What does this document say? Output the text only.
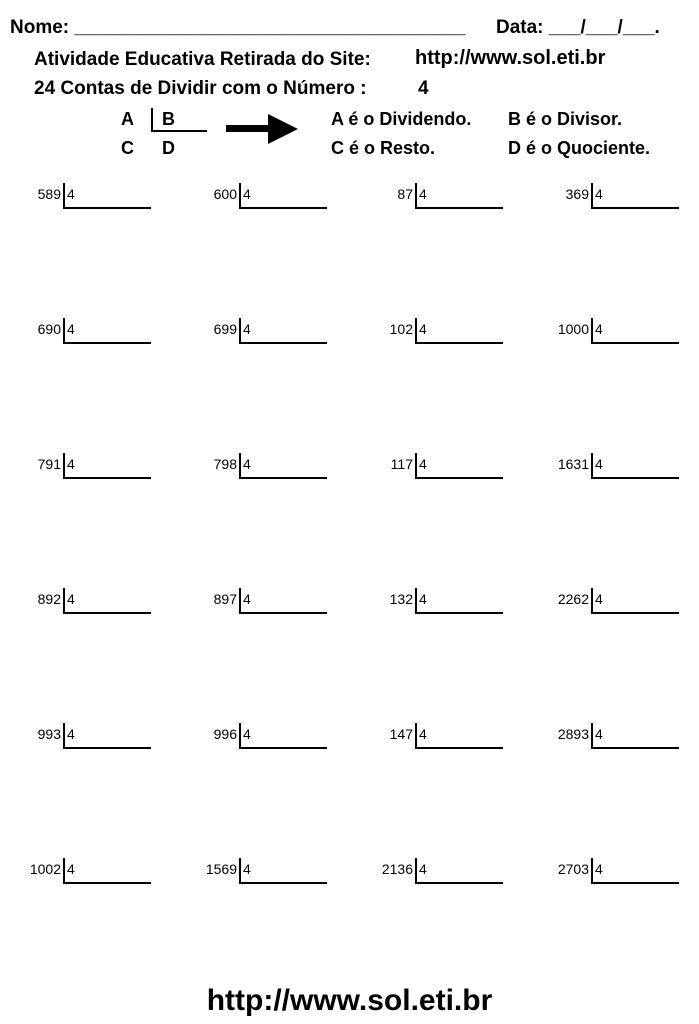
Nome: _____________________________________ Data: ___/___/___.
Atividade Educativa Retirada do Site: http://www.sol.eti.br
24 Contas de Dividir com o Número :	4
A B
C D
A é o Dividendo. B é o Divisor.
C é o Resto.	D é o Quociente.
589 4	600 4	87 4	369 4
690 4	699 4	102 4	1000 4
791 4	798 4	117 4	1631 4
892 4	897 4	132 4	2262 4
993 4	996 4	147 4	2893 4
1002 4	1569 4	2136 4	2703 4
http://www.sol.eti.br
